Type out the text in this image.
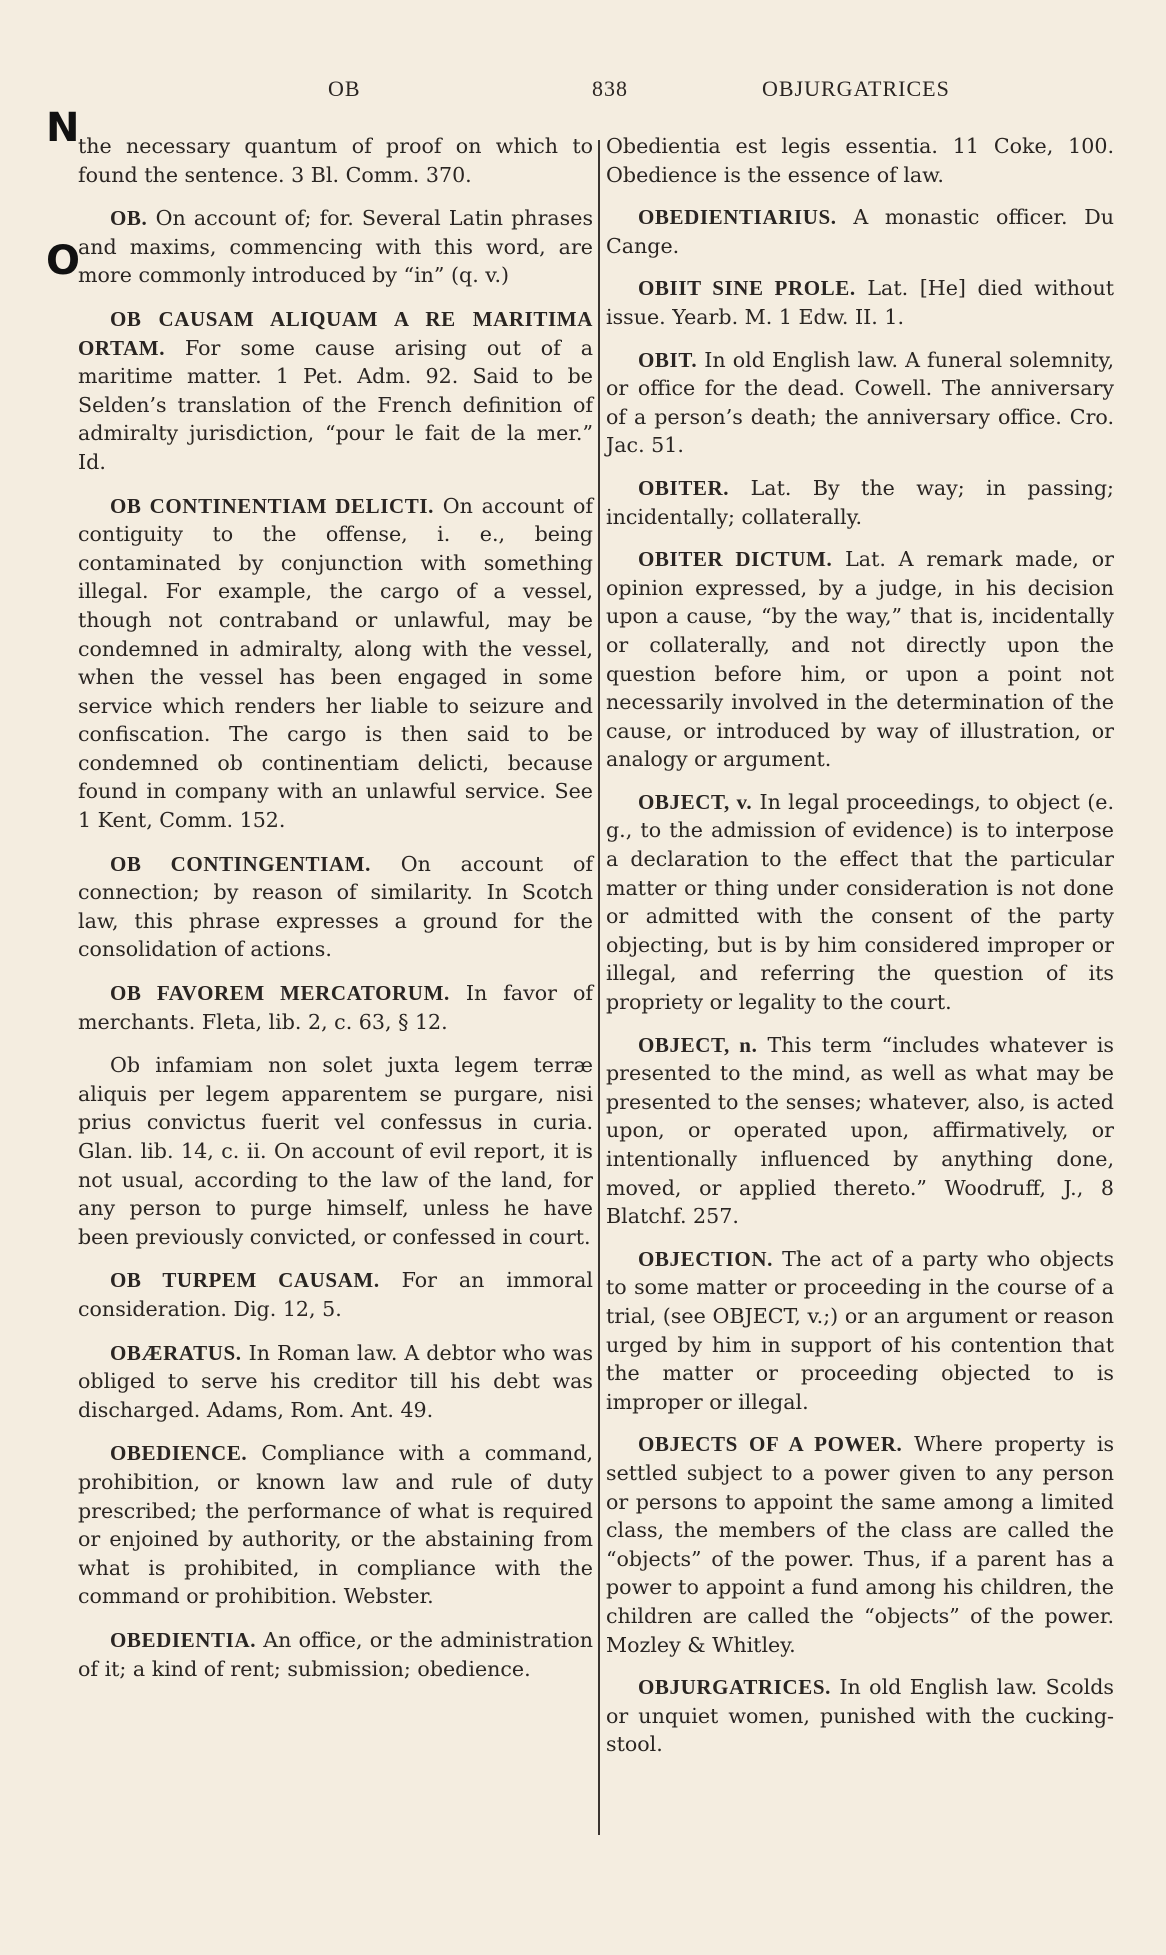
OB	838	OBJURGATRICES
N
O

the necessary quantum of proof on which to found the sentence. 3 Bl. Comm. 370.

OB. On account of; for. Several Latin phrases and maxims, commencing with this word, are more commonly introduced by “in” (q. v.)

OB CAUSAM ALIQUAM A RE MARITIMA ORTAM. For some cause arising out of a maritime matter. 1 Pet. Adm. 92. Said to be Selden’s translation of the French definition of admiralty jurisdiction, “pour le fait de la mer.” Id.

OB CONTINENTIAM DELICTI. On account of contiguity to the offense, i. e., being contaminated by conjunction with something illegal. For example, the cargo of a vessel, though not contraband or unlawful, may be condemned in admiralty, along with the vessel, when the vessel has been engaged in some service which renders her liable to seizure and confiscation. The cargo is then said to be condemned ob continentiam delicti, because found in company with an unlawful service. See 1 Kent, Comm. 152.

OB CONTINGENTIAM. On account of connection; by reason of similarity. In Scotch law, this phrase expresses a ground for the consolidation of actions.

OB FAVOREM MERCATORUM. In favor of merchants. Fleta, lib. 2, c. 63, § 12.

Ob infamiam non solet juxta legem terræ aliquis per legem apparentem se purgare, nisi prius convictus fuerit vel confessus in curia. Glan. lib. 14, c. ii. On account of evil report, it is not usual, according to the law of the land, for any person to purge himself, unless he have been previously convicted, or confessed in court.

OB TURPEM CAUSAM. For an immoral consideration. Dig. 12, 5.

OBÆRATUS. In Roman law. A debtor who was obliged to serve his creditor till his debt was discharged. Adams, Rom. Ant. 49.

OBEDIENCE. Compliance with a command, prohibition, or known law and rule of duty prescribed; the performance of what is required or enjoined by authority, or the abstaining from what is prohibited, in compliance with the command or prohibition. Webster.

OBEDIENTIA. An office, or the administration of it; a kind of rent; submission; obedience.

Obedientia est legis essentia. 11 Coke, 100. Obedience is the essence of law.

OBEDIENTIARIUS. A monastic officer. Du Cange.

OBIIT SINE PROLE. Lat. [He] died without issue. Yearb. M. 1 Edw. II. 1.

OBIT. In old English law. A funeral solemnity, or office for the dead. Cowell. The anniversary of a person’s death; the anniversary office. Cro. Jac. 51.

OBITER. Lat. By the way; in passing; incidentally; collaterally.

OBITER DICTUM. Lat. A remark made, or opinion expressed, by a judge, in his decision upon a cause, “by the way,” that is, incidentally or collaterally, and not directly upon the question before him, or upon a point not necessarily involved in the determination of the cause, or introduced by way of illustration, or analogy or argument.

OBJECT, v. In legal proceedings, to object (e. g., to the admission of evidence) is to interpose a declaration to the effect that the particular matter or thing under consideration is not done or admitted with the consent of the party objecting, but is by him considered improper or illegal, and referring the question of its propriety or legality to the court.

OBJECT, n. This term “includes whatever is presented to the mind, as well as what may be presented to the senses; whatever, also, is acted upon, or operated upon, affirmatively, or intentionally influenced by anything done, moved, or applied thereto.” Woodruff, J., 8 Blatchf. 257.

OBJECTION. The act of a party who objects to some matter or proceeding in the course of a trial, (see OBJECT, v.;) or an argument or reason urged by him in support of his contention that the matter or proceeding objected to is improper or illegal.

OBJECTS OF A POWER. Where property is settled subject to a power given to any person or persons to appoint the same among a limited class, the members of the class are called the “objects” of the power. Thus, if a parent has a power to appoint a fund among his children, the children are called the “objects” of the power. Mozley & Whitley.

OBJURGATRICES. In old English law. Scolds or unquiet women, punished with the cucking-stool.
